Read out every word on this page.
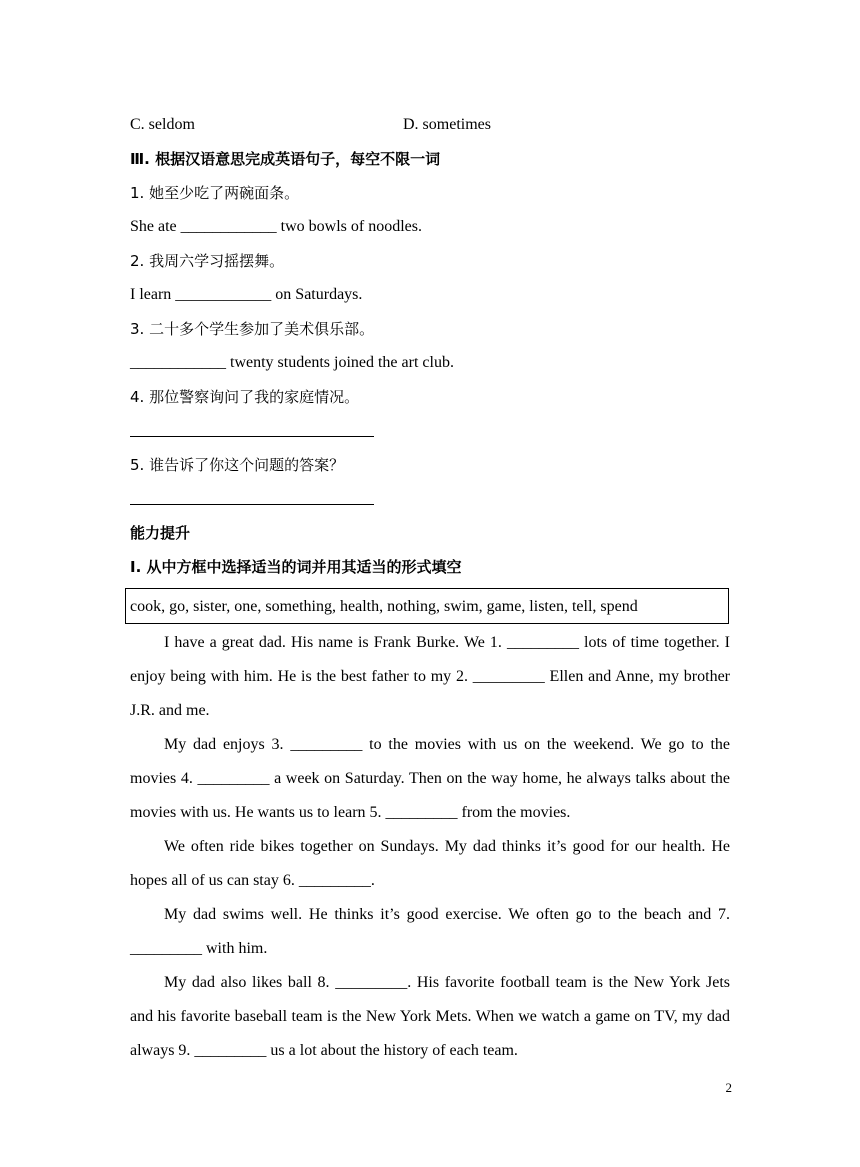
C. seldom	D. sometimes
Ⅲ. 根据汉语意思完成英语句子，每空不限一词
1. 她至少吃了两碗面条。
She ate ____________ two bowls of noodles.
2. 我周六学习摇摆舞。
I learn ____________ on Saturdays.
3. 二十多个学生参加了美术俱乐部。
____________ twenty students joined the art club.
4. 那位警察询问了我的家庭情况。
5. 谁告诉了你这个问题的答案？
能力提升
Ⅰ. 从中方框中选择适当的词并用其适当的形式填空
cook, go, sister, one, something, health, nothing, swim, game, listen, tell, spend

I have a great dad. His name is Frank Burke. We 1. _________ lots of time together. I enjoy being with him. He is the best father to my 2. _________ Ellen and Anne, my brother J.R. and me.

My dad enjoys 3. _________ to the movies with us on the weekend. We go to the movies 4. _________ a week on Saturday. Then on the way home, he always talks about the movies with us. He wants us to learn 5. _________ from the movies.

We often ride bikes together on Sundays. My dad thinks it’s good for our health. He hopes all of us can stay 6. _________.

My dad swims well. He thinks it’s good exercise. We often go to the beach and 7. _________ with him.

My dad also likes ball 8. _________. His favorite football team is the New York Jets and his favorite baseball team is the New York Mets. When we watch a game on TV, my dad always 9. _________ us a lot about the history of each team.

2
